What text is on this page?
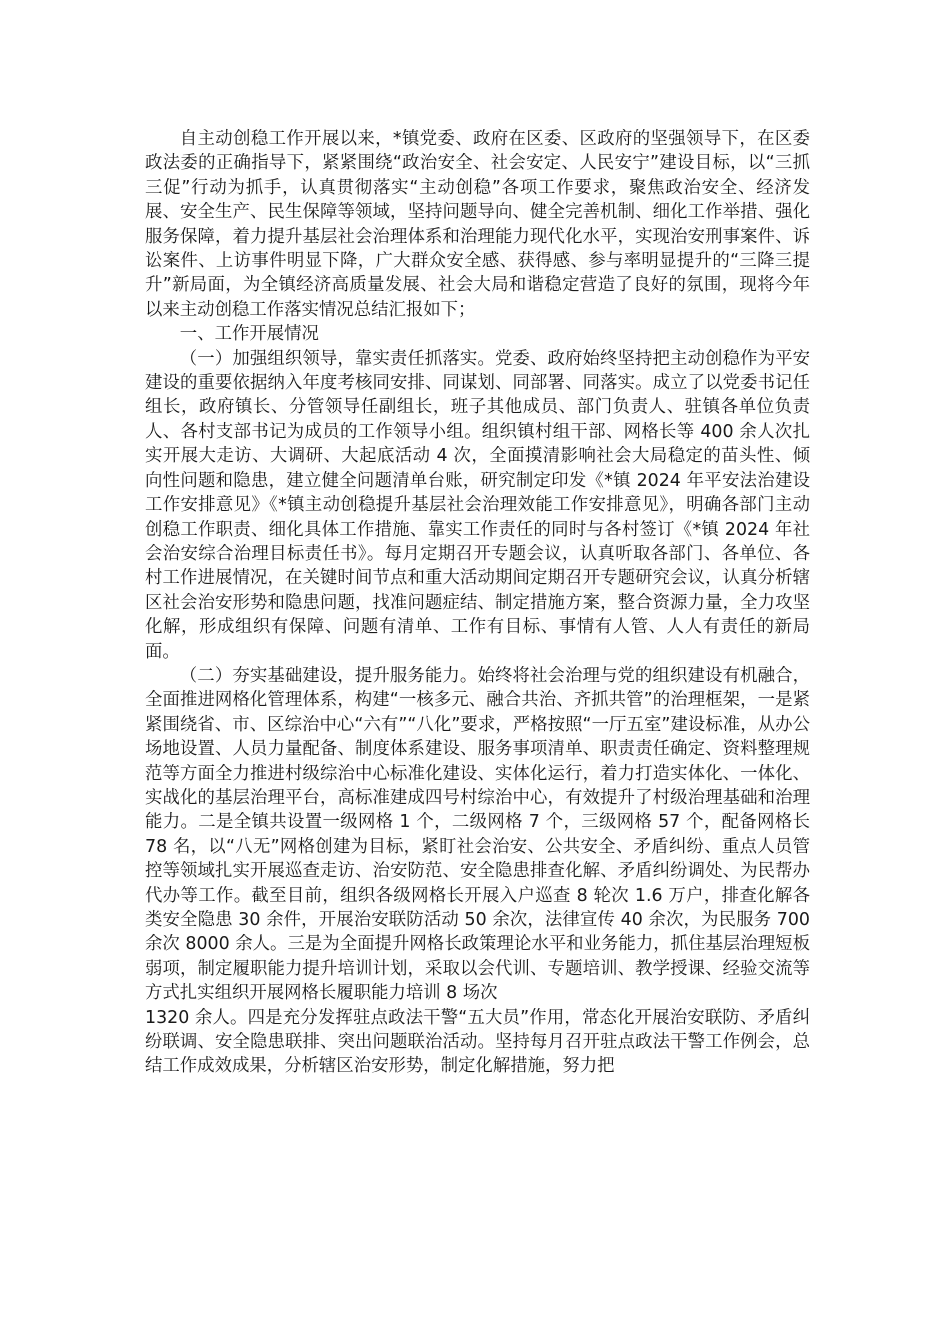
自主动创稳工作开展以来，*镇党委、政府在区委、区政府的坚强领导下，在区委政法委的正确指导下，紧紧围绕“政治安全、社会安定、人民安宁”建设目标，以“三抓三促”行动为抓手，认真贯彻落实“主动创稳”各项工作要求，聚焦政治安全、经济发展、安全生产、民生保障等领域，坚持问题导向、健全完善机制、细化工作举措、强化服务保障，着力提升基层社会治理体系和治理能力现代化水平，实现治安刑事案件、诉讼案件、上访事件明显下降，广大群众安全感、获得感、参与率明显提升的“三降三提升”新局面，为全镇经济高质量发展、社会大局和谐稳定营造了良好的氛围，现将今年以来主动创稳工作落实情况总结汇报如下；

一、工作开展情况

（一）加强组织领导，靠实责任抓落实。党委、政府始终坚持把主动创稳作为平安建设的重要依据纳入年度考核同安排、同谋划、同部署、同落实。成立了以党委书记任组长，政府镇长、分管领导任副组长，班子其他成员、部门负责人、驻镇各单位负责人、各村支部书记为成员的工作领导小组。组织镇村组干部、网格长等 400 余人次扎实开展大走访、大调研、大起底活动 4 次，全面摸清影响社会大局稳定的苗头性、倾向性问题和隐患，建立健全问题清单台账，研究制定印发《*镇 2024 年平安法治建设工作安排意见》《*镇主动创稳提升基层社会治理效能工作安排意见》，明确各部门主动创稳工作职责、细化具体工作措施、靠实工作责任的同时与各村签订《*镇 2024 年社会治安综合治理目标责任书》。每月定期召开专题会议，认真听取各部门、各单位、各村工作进展情况，在关键时间节点和重大活动期间定期召开专题研究会议，认真分析辖区社会治安形势和隐患问题，找准问题症结、制定措施方案，整合资源力量，全力攻坚化解，形成组织有保障、问题有清单、工作有目标、事情有人管、人人有责任的新局面。

（二）夯实基础建设，提升服务能力。始终将社会治理与党的组织建设有机融合，全面推进网格化管理体系，构建“一核多元、融合共治、齐抓共管”的治理框架，一是紧紧围绕省、市、区综治中心“六有”“八化”要求，严格按照“一厅五室”建设标准，从办公场地设置、人员力量配备、制度体系建设、服务事项清单、职责责任确定、资料整理规范等方面全力推进村级综治中心标准化建设、实体化运行，着力打造实体化、一体化、实战化的基层治理平台，高标准建成四号村综治中心，有效提升了村级治理基础和治理能力。二是全镇共设置一级网格 1 个，二级网格 7 个，三级网格 57 个，配备网格长 78 名，以“八无”网格创建为目标，紧盯社会治安、公共安全、矛盾纠纷、重点人员管控等领域扎实开展巡查走访、治安防范、安全隐患排查化解、矛盾纠纷调处、为民帮办代办等工作。截至目前，组织各级网格长开展入户巡查 8 轮次 1.6 万户，排查化解各类安全隐患 30 余件，开展治安联防活动 50 余次，法律宣传 40 余次，为民服务 700 余次 8000 余人。三是为全面提升网格长政策理论水平和业务能力，抓住基层治理短板弱项，制定履职能力提升培训计划，采取以会代训、专题培训、教学授课、经验交流等方式扎实组织开展网格长履职能力培训 8 场次

1320 余人。四是充分发挥驻点政法干警“五大员”作用，常态化开展治安联防、矛盾纠纷联调、安全隐患联排、突出问题联治活动。坚持每月召开驻点政法干警工作例会，总结工作成效成果，分析辖区治安形势，制定化解措施，努力把
